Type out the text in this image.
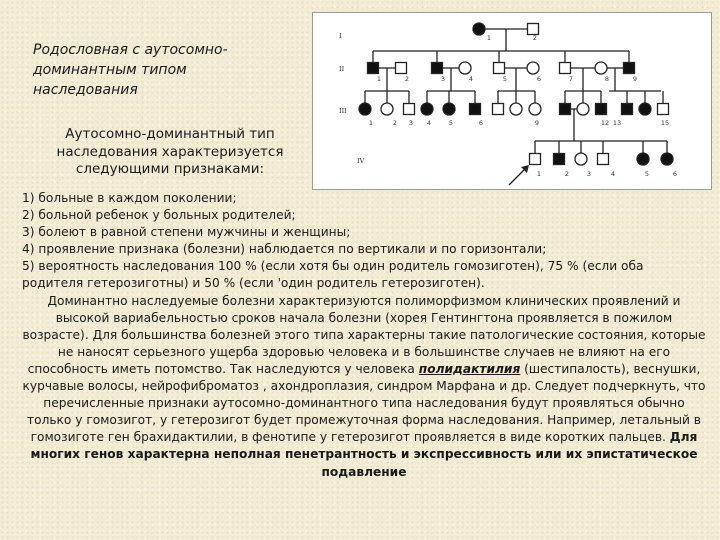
Родословная с аутосомно-доминантным типом наследования
Аутосомно-доминантный тип наследования характеризуется следующими признаками:
I
II
III
IV
1	2
1	2	3	4	5	6	7	8	9
1	2 3 4	5	6	9	12 13	15
1	2	3	4	5	6

1) больные в каждом поколении;

2) больной ребенок у больных родителей;

3) болеют в равной степени мужчины и женщины;

4) проявление признака (болезни) наблюдается по вертикали и по горизонтали;

5) вероятность наследования 100 % (если хотя бы один родитель гомозиготен), 75 % (если оба родителя гетерозиготны) и 50 % (если 'один родитель гетерозиготен).

Доминантно наследуемые болезни характеризуются полиморфизмом клинических проявлений и высокой вариабельностью сроков начала болезни (хорея Гентингтона проявляется в пожилом возрасте). Для большинства болезней этого типа характерны такие патологические состояния, которые не наносят серьезного ущерба здоровью человека и в большинстве случаев не влияют на его способность иметь потомство. Так наследуются у человека полидактилия (шестипалость), веснушки, курчавые волосы, нейрофиброматоз , ахондроплазия, синдром Марфана и др. Следует подчеркнуть, что перечисленные признаки аутосомно-доминантного типа наследования будут проявляться обычно только у гомозигот, у гетерозигот будет промежуточная форма наследования. Например, летальный в гомозиготе ген брахидактилии, в фенотипе у гетерозигот проявляется в виде коротких пальцев. Для многих генов характерна неполная пенетрантность и экспрессивность или их эпистатическое подавление
